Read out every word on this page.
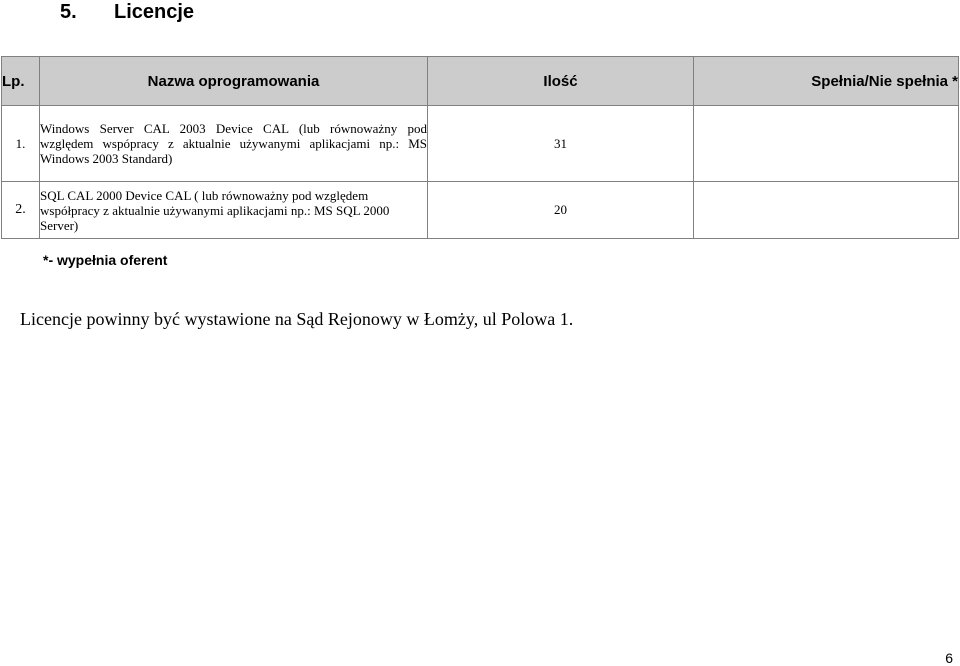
5. Licencje
Lp.	Nazwa oprogramowania	Ilość	Spełnia/Nie spełnia *
1.	Windows Server CAL 2003 Device CAL (lub równoważny pod względem wspópracy z aktualnie używanymi aplikacjami np.: MS Windows 2003 Standard)	31	
2.	SQL CAL 2000 Device CAL ( lub równoważny pod względem współpracy z aktualnie używanymi aplikacjami np.: MS SQL 2000 Server)	20	

*- wypełnia oferent

Licencje powinny być wystawione na Sąd Rejonowy w Łomży, ul Polowa 1.

6
